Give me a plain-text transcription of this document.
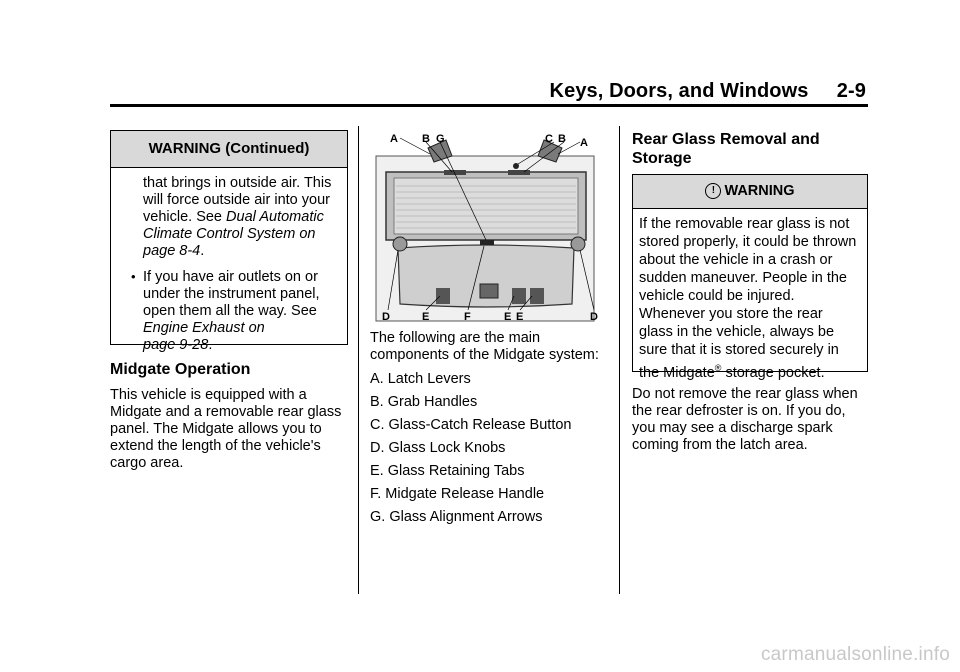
Keys, Doors, and Windows 2-9
WARNING (Continued)

that brings in outside air. This

will force outside air into your

vehicle. See Dual Automatic

Climate Control System on

page 8-4.

• If you have air outlets on or

under the instrument panel,

open them all the way. See

Engine Exhaust on

page 9-28.

Midgate Operation

This vehicle is equipped with a

Midgate and a removable rear glass

panel. The Midgate allows you to

extend the length of the vehicle's

cargo area.

A B G	C B A
D	E	F	E E	D

The following are the main

components of the Midgate system:

A. Latch Levers
B. Grab Handles
C. Glass-Catch Release Button
D. Glass Lock Knobs
E. Glass Retaining Tabs
F. Midgate Release Handle
G. Glass Alignment Arrows
Rear Glass Removal and
Storage
! WARNING

If the removable rear glass is not

stored properly, it could be thrown

about the vehicle in a crash or

sudden maneuver. People in the

vehicle could be injured.

Whenever you store the rear

glass in the vehicle, always be

sure that it is stored securely in

the Midgate® storage pocket.

Do not remove the rear glass when

the rear defroster is on. If you do,

you may see a discharge spark

coming from the latch area.

carmanualsonline.info
